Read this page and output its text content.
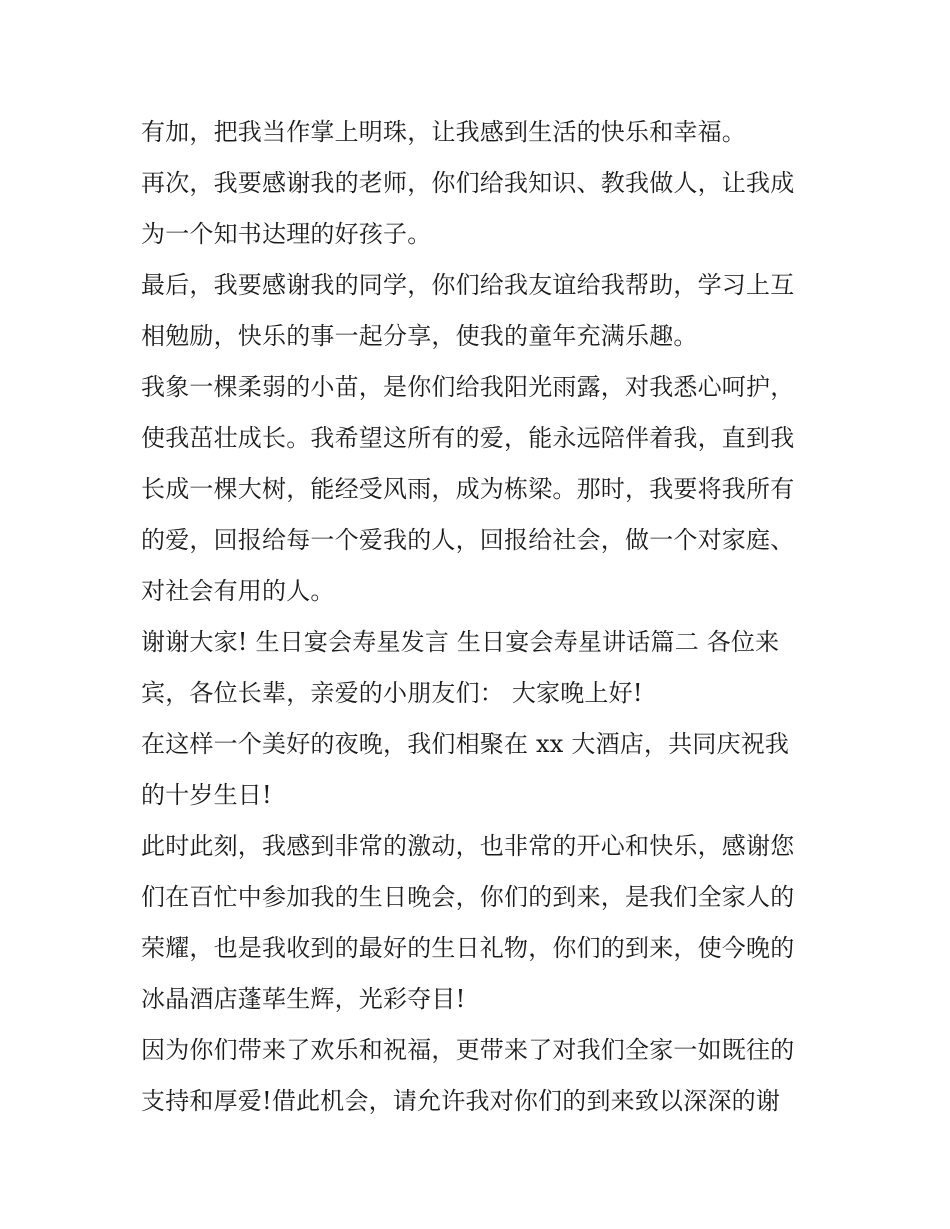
有加，把我当作掌上明珠，让我感到生活的快乐和幸福。
再次，我要感谢我的老师，你们给我知识、教我做人，让我成
为一个知书达理的好孩子。
最后，我要感谢我的同学，你们给我友谊给我帮助，学习上互
相勉励，快乐的事一起分享，使我的童年充满乐趣。
我象一棵柔弱的小苗，是你们给我阳光雨露，对我悉心呵护，
使我茁壮成长。我希望这所有的爱，能永远陪伴着我，直到我
长成一棵大树，能经受风雨，成为栋梁。那时，我要将我所有
的爱，回报给每一个爱我的人，回报给社会，做一个对家庭、
对社会有用的人。
谢谢大家! 生日宴会寿星发言 生日宴会寿星讲话篇二 各位来
宾，各位长辈，亲爱的小朋友们： 大家晚上好!
在这样一个美好的夜晚，我们相聚在 xx 大酒店，共同庆祝我
的十岁生日!
此时此刻，我感到非常的激动，也非常的开心和快乐，感谢您
们在百忙中参加我的生日晚会，你们的到来，是我们全家人的
荣耀，也是我收到的最好的生日礼物，你们的到来，使今晚的
冰晶酒店蓬荜生辉，光彩夺目!
因为你们带来了欢乐和祝福，更带来了对我们全家一如既往的
支持和厚爱!借此机会，请允许我对你们的到来致以深深的谢
